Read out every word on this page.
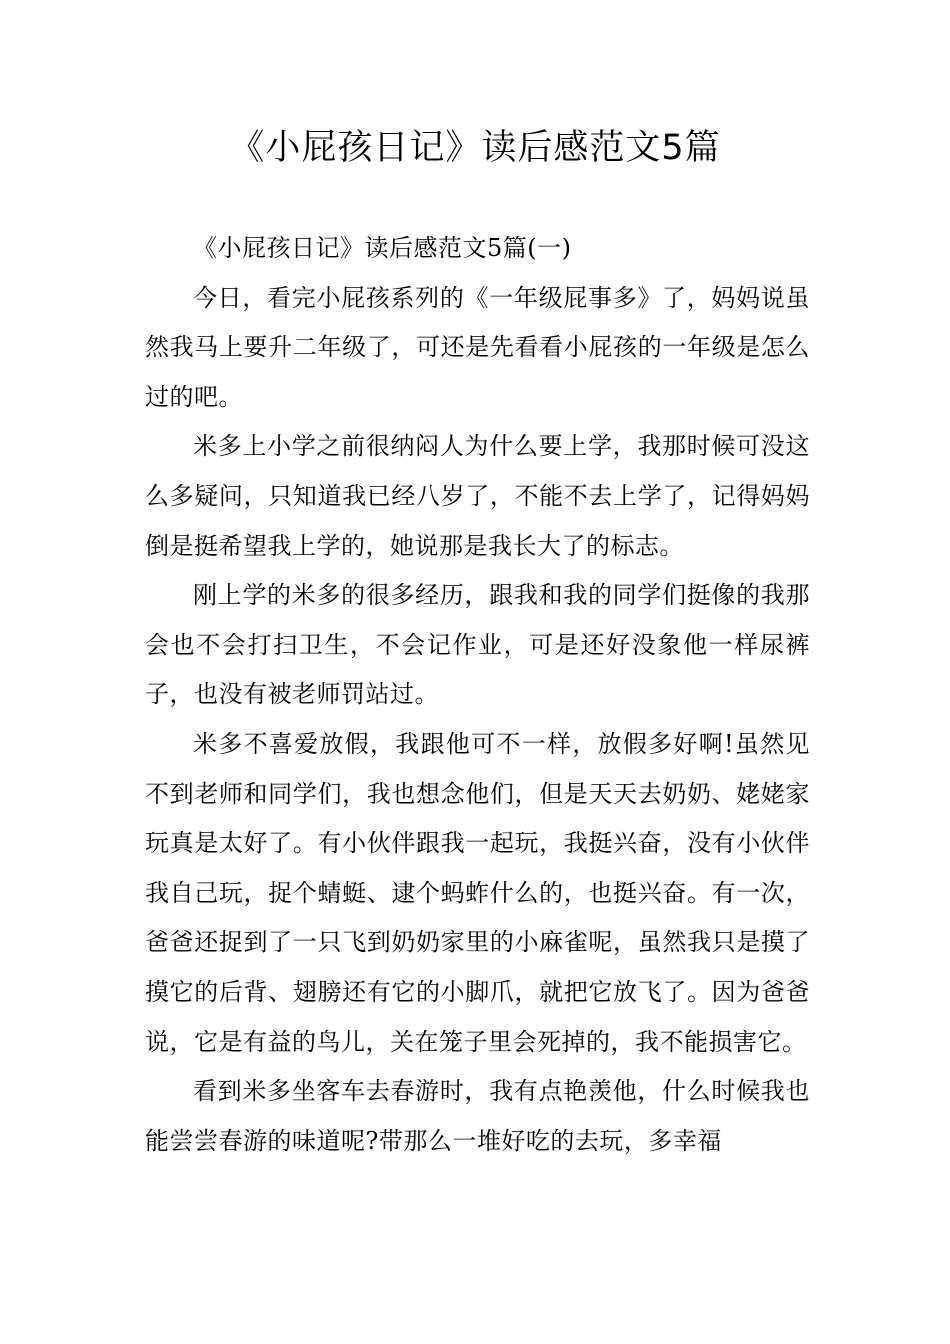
《小屁孩日记》读后感范文5篇

《小屁孩日记》读后感范文5篇(一)

今日，看完小屁孩系列的《一年级屁事多》了，妈妈说虽然我马上要升二年级了，可还是先看看小屁孩的一年级是怎么过的吧。

米多上小学之前很纳闷人为什么要上学，我那时候可没这么多疑问，只知道我已经八岁了，不能不去上学了，记得妈妈倒是挺希望我上学的，她说那是我长大了的标志。

刚上学的米多的很多经历，跟我和我的同学们挺像的我那会也不会打扫卫生，不会记作业，可是还好没象他一样尿裤子，也没有被老师罚站过。

米多不喜爱放假，我跟他可不一样，放假多好啊!虽然见不到老师和同学们，我也想念他们，但是天天去奶奶、姥姥家玩真是太好了。有小伙伴跟我一起玩，我挺兴奋，没有小伙伴我自己玩，捉个蜻蜓、逮个蚂蚱什么的，也挺兴奋。有一次，爸爸还捉到了一只飞到奶奶家里的小麻雀呢，虽然我只是摸了摸它的后背、翅膀还有它的小脚爪，就把它放飞了。因为爸爸说，它是有益的鸟儿，关在笼子里会死掉的，我不能损害它。

看到米多坐客车去春游时，我有点艳羡他，什么时候我也能尝尝春游的味道呢?带那么一堆好吃的去玩，多幸福
